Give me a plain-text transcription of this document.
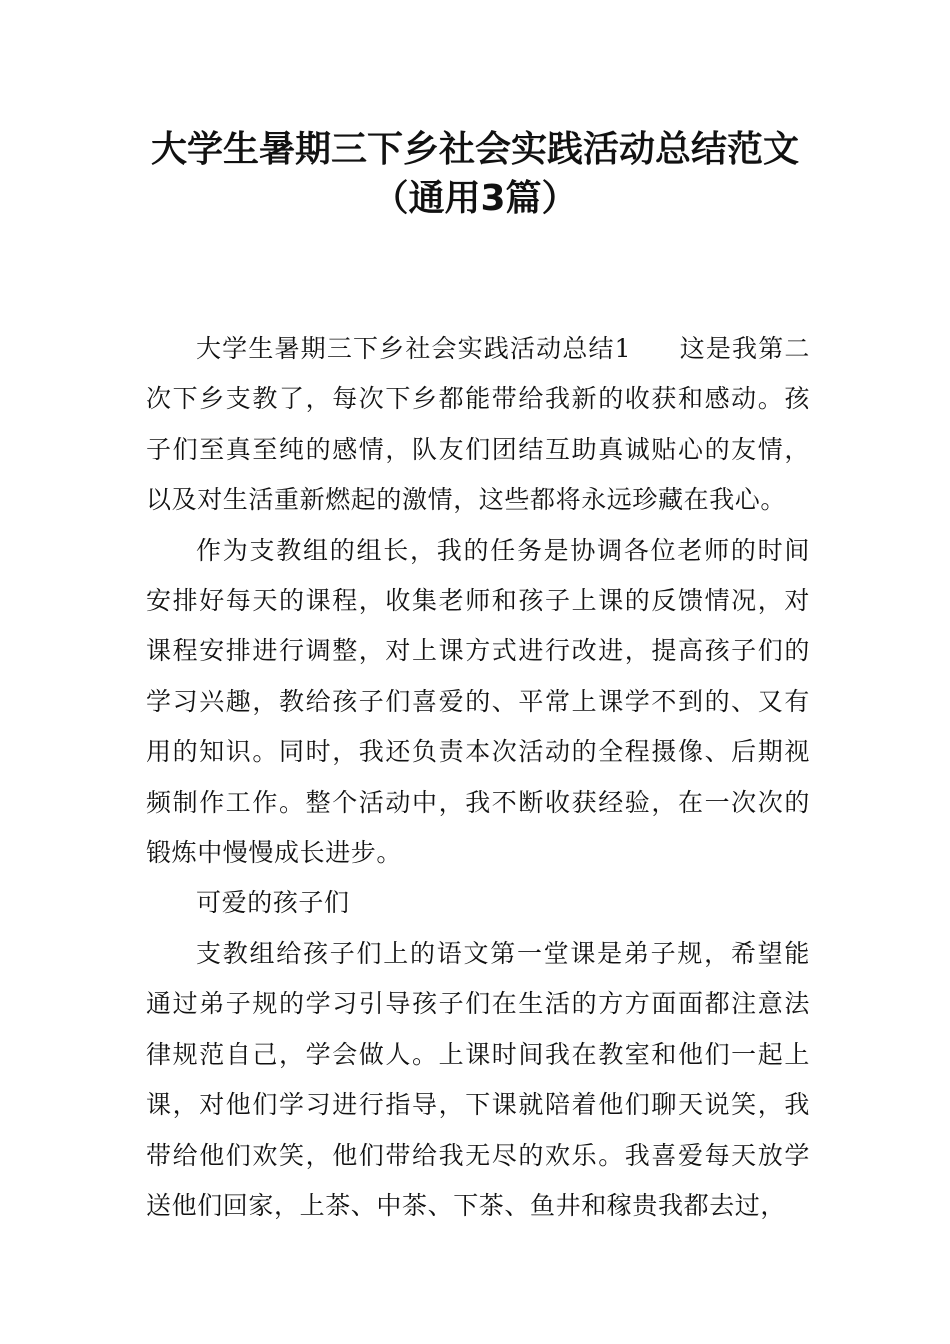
大学生暑期三下乡社会实践活动总结范文
（通用3篇）

大学生暑期三下乡社会实践活动总结1 这是我第二次下乡支教了，每次下乡都能带给我新的收获和感动。孩子们至真至纯的感情，队友们团结互助真诚贴心的友情，以及对生活重新燃起的激情，这些都将永远珍藏在我心。

作为支教组的组长，我的任务是协调各位老师的时间安排好每天的课程，收集老师和孩子上课的反馈情况，对课程安排进行调整，对上课方式进行改进，提高孩子们的学习兴趣，教给孩子们喜爱的、平常上课学不到的、又有用的知识。同时，我还负责本次活动的全程摄像、后期视频制作工作。整个活动中，我不断收获经验，在一次次的锻炼中慢慢成长进步。

可爱的孩子们

支教组给孩子们上的语文第一堂课是弟子规，希望能通过弟子规的学习引导孩子们在生活的方方面面都注意法律规范自己，学会做人。上课时间我在教室和他们一起上课，对他们学习进行指导，下课就陪着他们聊天说笑，我带给他们欢笑，他们带给我无尽的欢乐。我喜爱每天放学送他们回家，上茶、中茶、下茶、鱼井和稼贵我都去过，
